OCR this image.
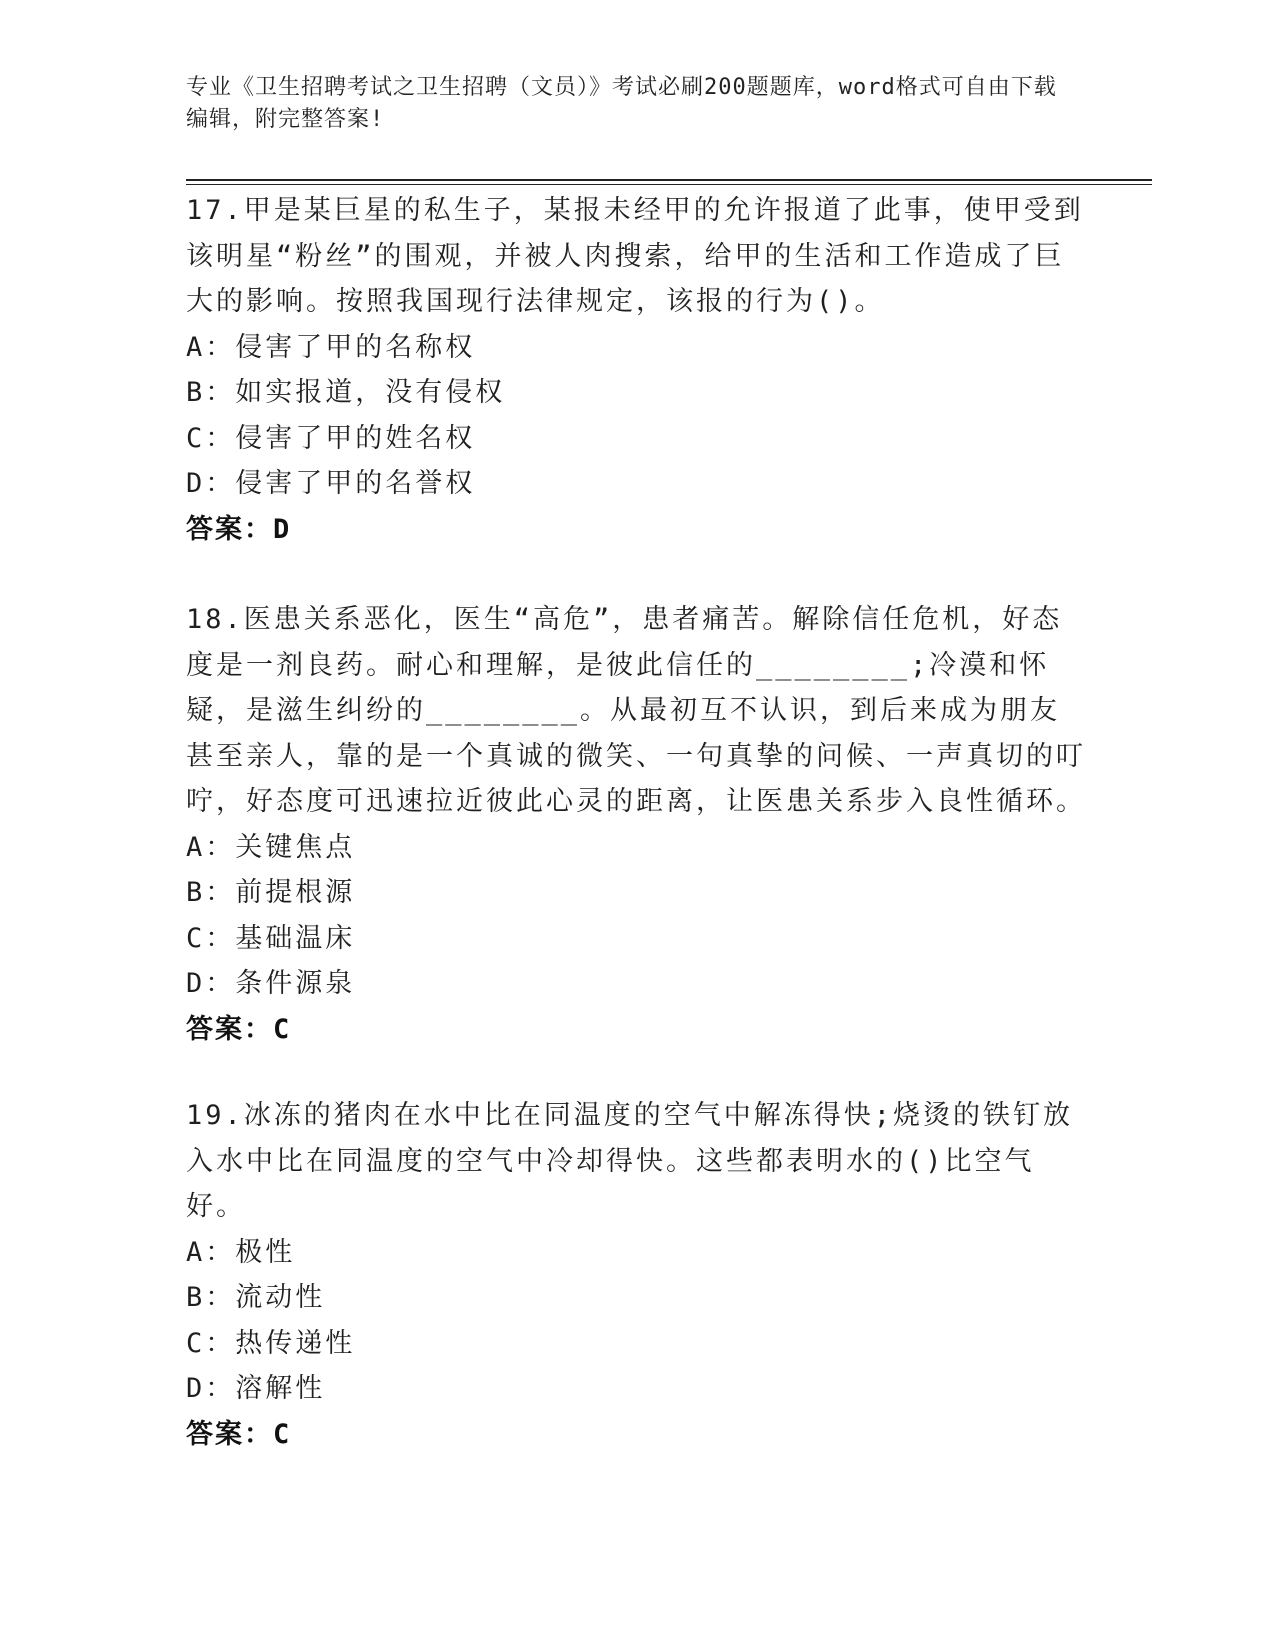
专业《卫生招聘考试之卫生招聘（文员）》考试必刷200题题库，word格式可自由下载编辑，附完整答案!
17.甲是某巨星的私生子，某报未经甲的允许报道了此事，使甲受到该明星“粉丝”的围观，并被人肉搜索，给甲的生活和工作造成了巨大的影响。按照我国现行法律规定，该报的行为()。
A：侵害了甲的名称权
B：如实报道，没有侵权
C：侵害了甲的姓名权
D：侵害了甲的名誉权
答案：D
18.医患关系恶化，医生“高危”，患者痛苦。解除信任危机，好态度是一剂良药。耐心和理解，是彼此信任的________;冷漠和怀疑，是滋生纠纷的________。从最初互不认识，到后来成为朋友甚至亲人，靠的是一个真诚的微笑、一句真挚的问候、一声真切的叮咛，好态度可迅速拉近彼此心灵的距离，让医患关系步入良性循环。
A：关键焦点
B：前提根源
C：基础温床
D：条件源泉
答案：C
19.冰冻的猪肉在水中比在同温度的空气中解冻得快;烧烫的铁钉放入水中比在同温度的空气中冷却得快。这些都表明水的()比空气好。
A：极性
B：流动性
C：热传递性
D：溶解性
答案：C
